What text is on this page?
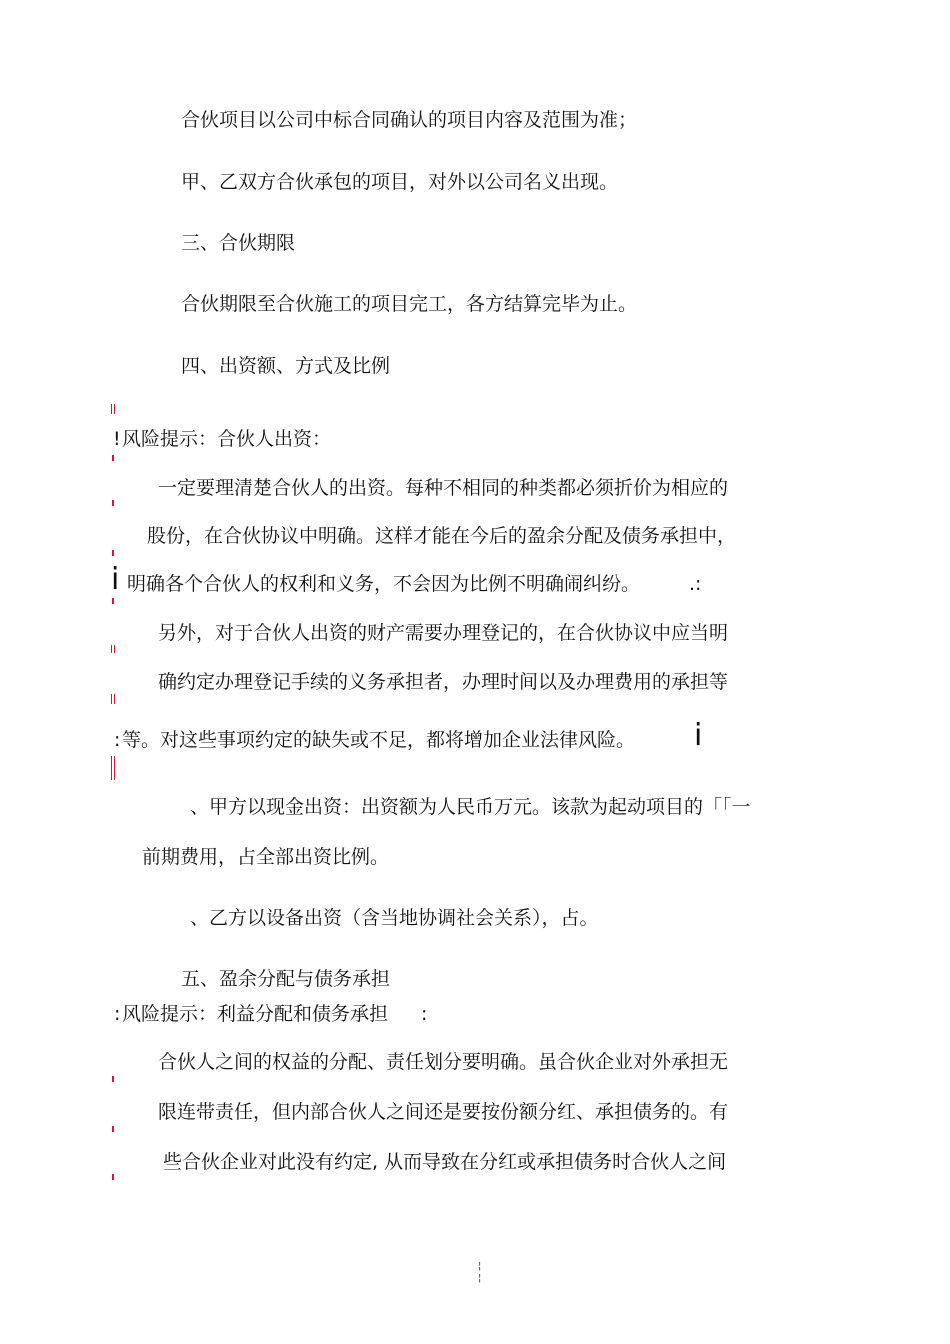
合伙项目以公司中标合同确认的项目内容及范围为准；
甲、乙双方合伙承包的项目，对外以公司名义出现。
三、合伙期限
合伙期限至合伙施工的项目完工，各方结算完毕为止。
四、出资额、方式及比例
! 风险提示：合伙人出资：
一定要理清楚合伙人的出资。每种不相同的种类都必须折价为相应的
股份，在合伙协议中明确。这样才能在今后的盈余分配及债务承担中，
i 明确各个合伙人的权利和义务，不会因为比例不明确闹纠纷。	.:
另外，对于合伙人出资的财产需要办理登记的，在合伙协议中应当明
确约定办理登记手续的义务承担者，办理时间以及办理费用的承担等
: 等。对这些事项约定的缺失或不足，都将增加企业法律风险。 i
、甲方以现金出资：出资额为人民币万元。该款为起动项目的「「一
前期费用，占全部出资比例。
、乙方以设备出资（含当地协调社会关系），占。
五、盈余分配与债务承担
: 风险提示：利益分配和债务承担 :
合伙人之间的权益的分配、责任划分要明确。虽合伙企业对外承担无
限连带责任，但内部合伙人之间还是要按份额分红、承担债务的。有
些合伙企业对此没有约定, 从而导致在分红或承担债务时合伙人之间
¦
¦
